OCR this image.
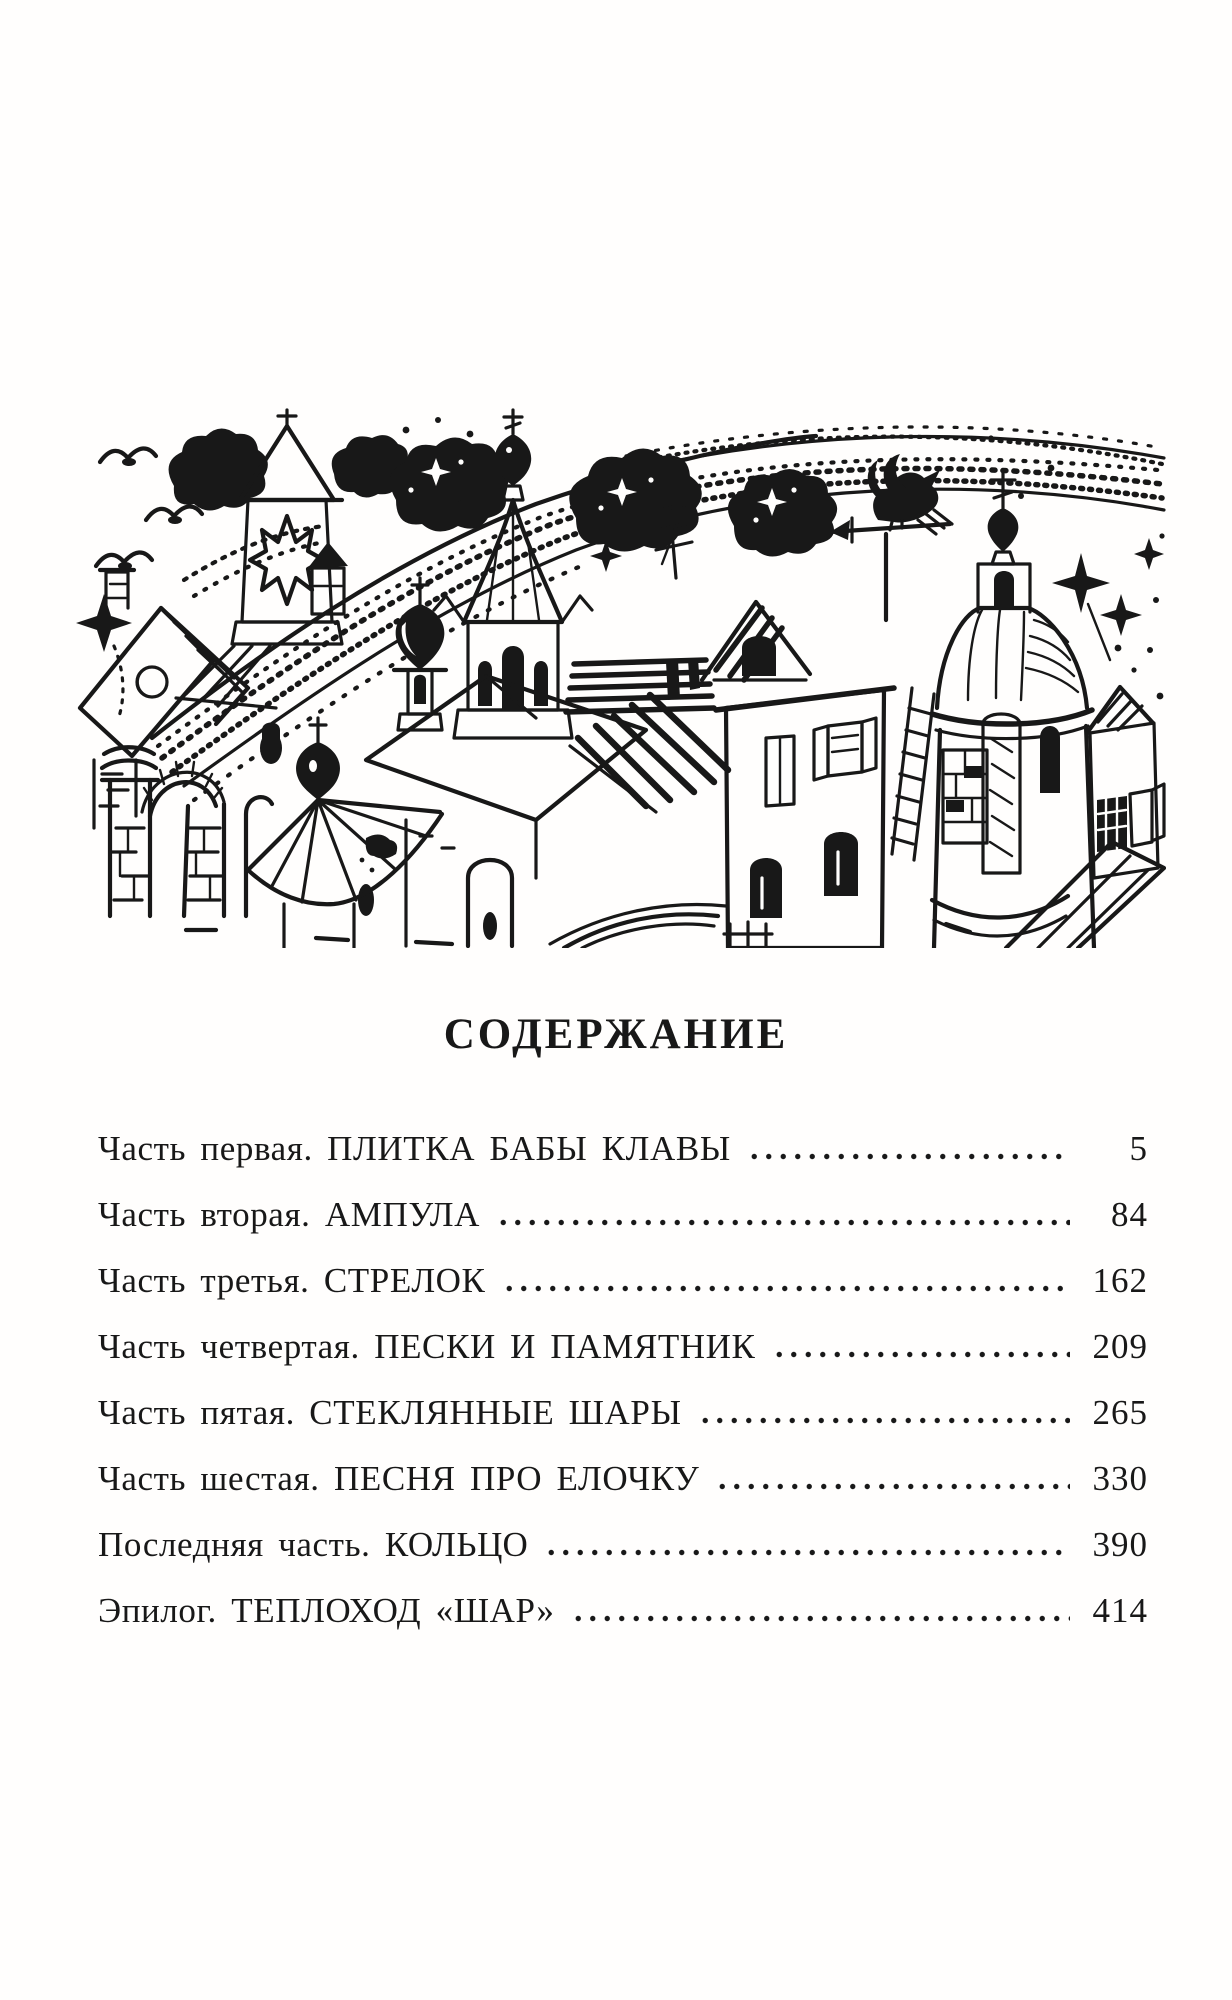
СОДЕРЖАНИЕ
Часть первая. ПЛИТКА БАБЫ КЛАВЫ	5
Часть вторая. АМПУЛА	84
Часть третья. СТРЕЛОК	162
Часть четвертая. ПЕСКИ И ПАМЯТНИК	209
Часть пятая. СТЕКЛЯННЫЕ ШАРЫ	265
Часть шестая. ПЕСНЯ ПРО ЕЛОЧКУ	330
Последняя часть. КОЛЬЦО	390
Эпилог. ТЕПЛОХОД «ШАР»	414
